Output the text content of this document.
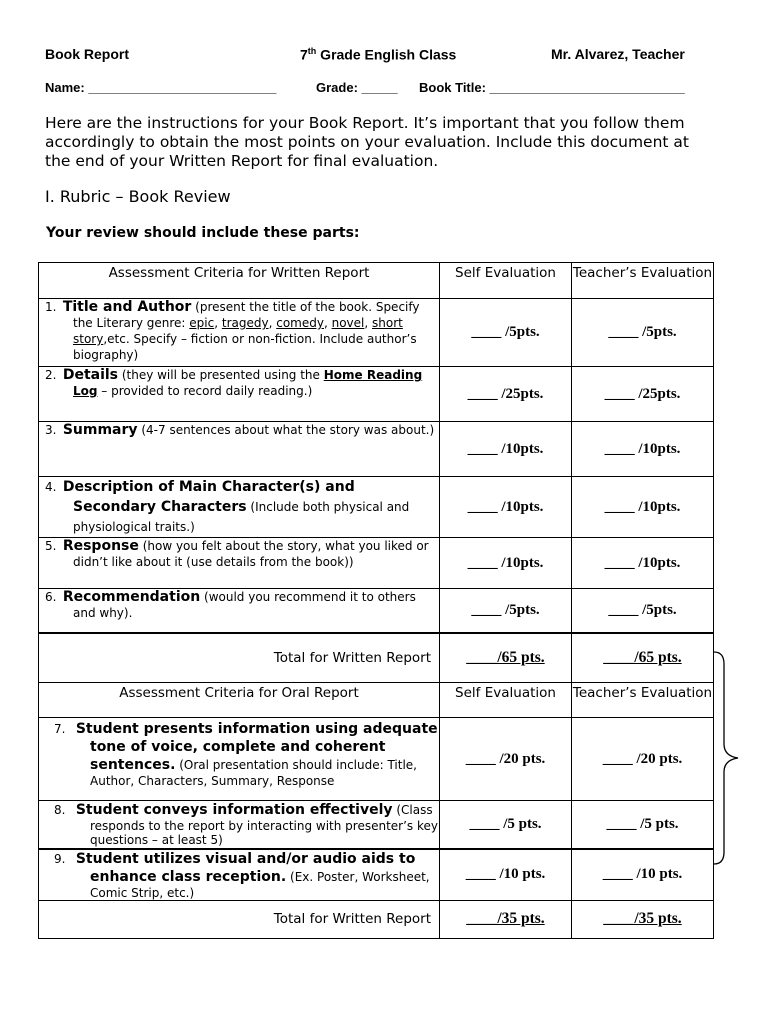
Book Report	7th Grade English Class	Mr. Alvarez, Teacher
Name: __________________________	Grade: _____ Book Title: ___________________________
Here are the instructions for your Book Report. It’s important that you follow them accordingly to obtain the most points on your evaluation. Include this document at the end of your Written Report for final evaluation.
I. Rubric – Book Review
Your review should include these parts:
Assessment Criteria for Written Report	Self Evaluation	Teacher’s Evaluation
1. Title and Author (present the title of the book. Specify the Literary genre: epic, tragedy, comedy, novel, short story,etc. Specify – fiction or non-fiction. Include author’s biography)	____ /5pts.	____ /5pts.
2. Details (they will be presented using the Home Reading Log – provided to record daily reading.)	____ /25pts.	____ /25pts.
3. Summary (4-7 sentences about what the story was about.)	____ /10pts.	____ /10pts.
4. Description of Main Character(s) and Secondary Characters (Include both physical and physiological traits.)	____ /10pts.	____ /10pts.
5. Response (how you felt about the story, what you liked or didn’t like about it (use details from the book))	____ /10pts.	____ /10pts.
6. Recommendation (would you recommend it to others and why).	____ /5pts.	____ /5pts.
Total for Written Report	____/65 pts.	____/65 pts.
Assessment Criteria for Oral Report	Self Evaluation	Teacher’s Evaluation
7. Student presents information using adequate tone of voice, complete and coherent sentences. (Oral presentation should include: Title, Author, Characters, Summary, Response	____ /20 pts.	____ /20 pts.
8. Student conveys information effectively (Class responds to the report by interacting with presenter’s key questions – at least 5)	____ /5 pts.	____ /5 pts.
9. Student utilizes visual and/or audio aids to enhance class reception. (Ex. Poster, Worksheet, Comic Strip, etc.)	____ /10 pts.	____ /10 pts.
Total for Written Report	____/35 pts.	____/35 pts.
